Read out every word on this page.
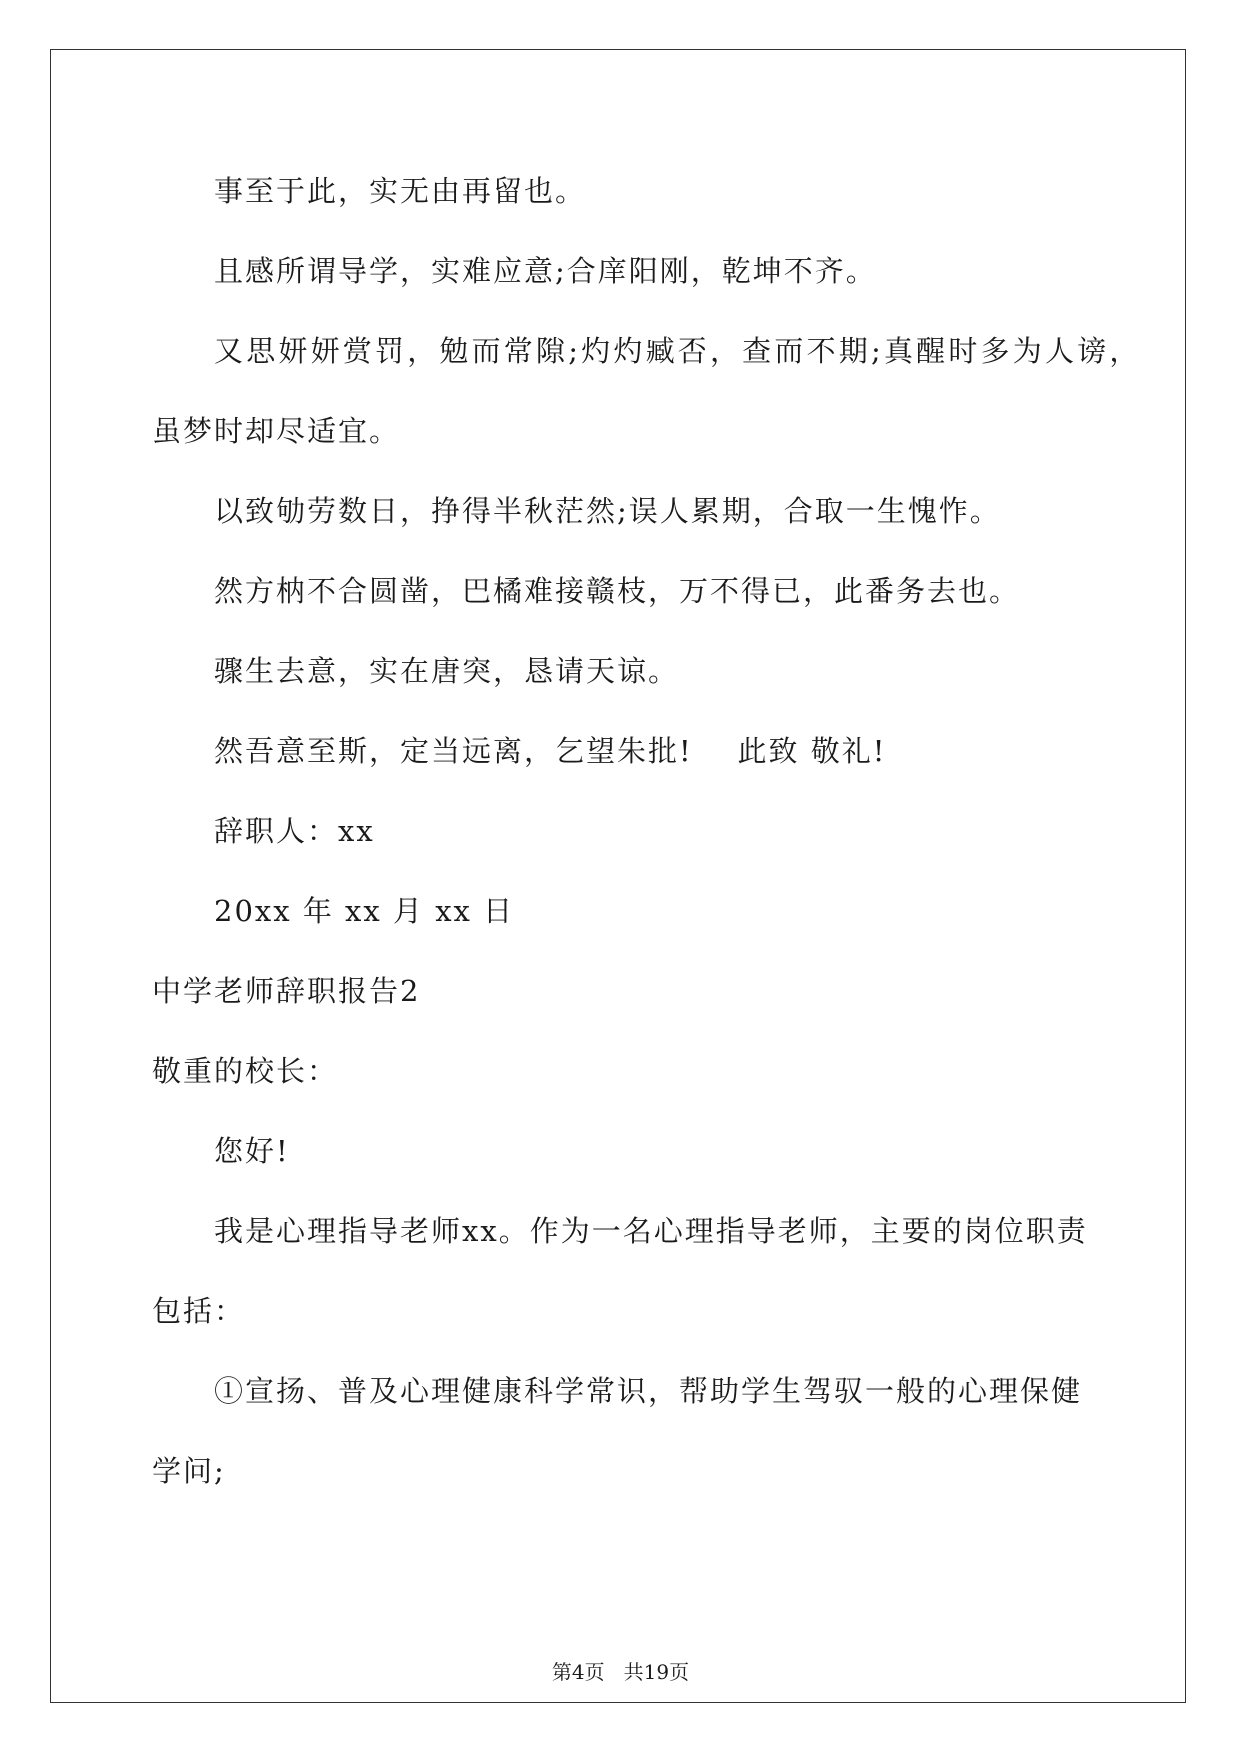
事至于此，实无由再留也。
且感所谓导学，实难应意;合庠阳刚，乾坤不齐。
又思妍妍赏罚，勉而常隙;灼灼臧否，查而不期;真醒时多为人谤，
虽梦时却尽适宜。
以致劬劳数日，挣得半秋茫然;误人累期，合取一生愧怍。
然方枘不合圆凿，巴橘难接赣枝，万不得已，此番务去也。
骤生去意，实在唐突，恳请天谅。
然吾意至斯，定当远离，乞望朱批!    此致 敬礼!
辞职人：xx
20xx 年 xx 月 xx 日
中学老师辞职报告2
敬重的校长：
您好!
我是心理指导老师xx。作为一名心理指导老师，主要的岗位职责
包括：
①宣扬、普及心理健康科学常识，帮助学生驾驭一般的心理保健
学问;
第4页   共19页
